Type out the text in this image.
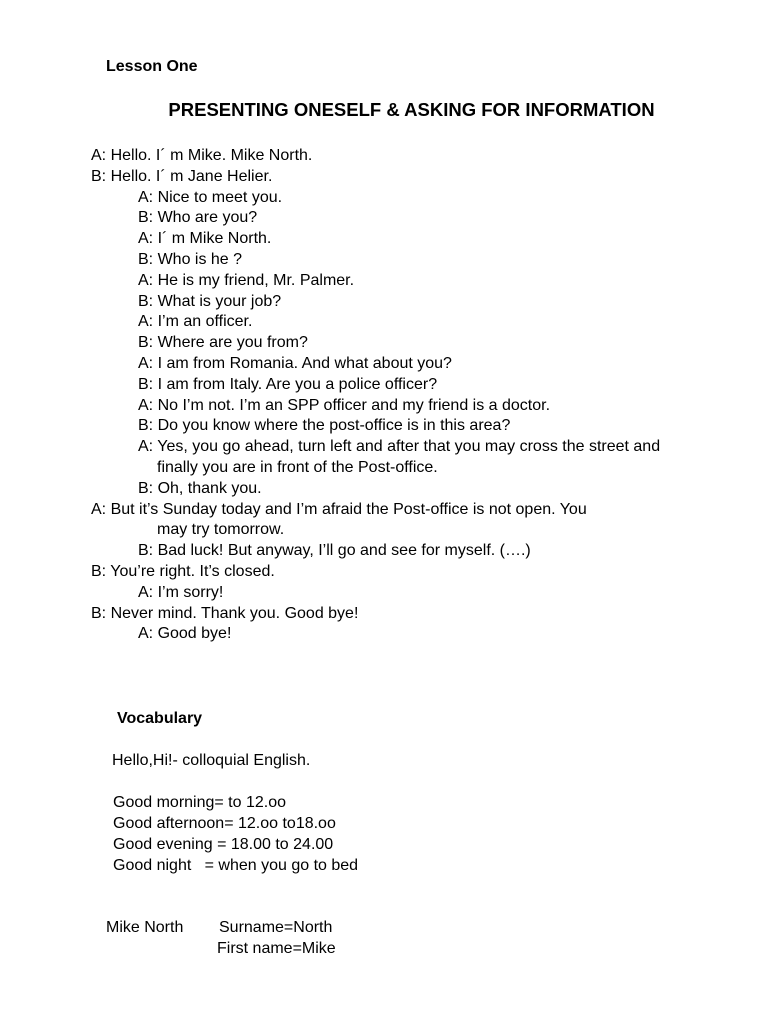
Lesson One
PRESENTING ONESELF & ASKING FOR INFORMATION
A: Hello. I´ m Mike. Mike North.
B: Hello. I´ m Jane Helier.
A: Nice to meet you.
B: Who are you?
A: I´ m Mike North.
B: Who is he ?
A: He is my friend, Mr. Palmer.
B: What is your job?
A: I’m an officer.
B: Where are you from?
A: I am from Romania. And what about you?
B: I am from Italy. Are you a police officer?
A: No I’m not. I’m an SPP officer and my friend is a doctor.
B: Do you know where the post-office is in this area?
A: Yes, you go ahead, turn left and after that you may cross the street and
finally you are in front of the Post-office.
B: Oh, thank you.
A: But it’s Sunday today and I’m afraid the Post-office is not open. You
may try tomorrow.
B: Bad luck! But anyway, I’ll go and see for myself. (….)
B: You’re right. It’s closed.
A: I’m sorry!
B: Never mind. Thank you. Good bye!
A: Good bye!
Vocabulary
Hello,Hi!- colloquial English.
Good morning= to 12.oo
Good afternoon= 12.oo to18.oo
Good evening = 18.00 to 24.00
Good night   = when you go to bed
Mike North Surname=North
First name=Mike
